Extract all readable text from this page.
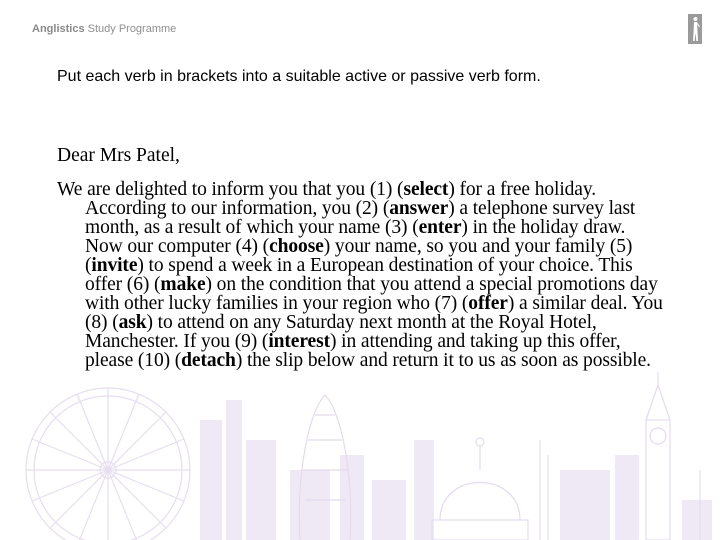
Anglistics Study Programme
Put each verb in brackets into a suitable active or passive verb form.

Dear Mrs Patel,

We are delighted to inform you that you (1) (select) for a free holiday. According to our information, you (2) (answer) a telephone survey last month, as a result of which your name (3) (enter) in the holiday draw. Now our computer (4) (choose) your name, so you and your family (5) (invite) to spend a week in a European destination of your choice. This offer (6) (make) on the condition that you attend a special promotions day with other lucky families in your region who (7) (offer) a similar deal. You (8) (ask) to attend on any Saturday next month at the Royal Hotel, Manchester. If you (9) (interest) in attending and taking up this offer, please (10) (detach) the slip below and return it to us as soon as possible.
